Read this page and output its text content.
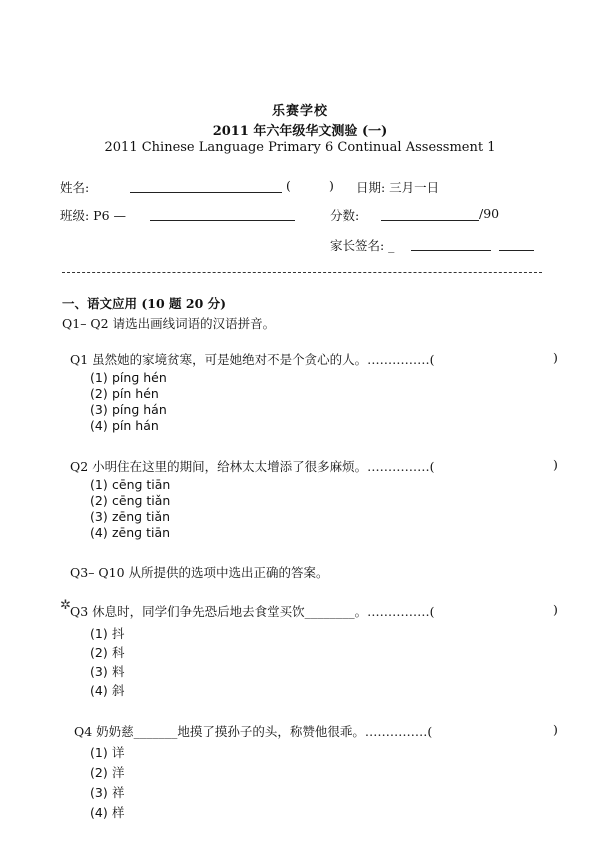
乐赛学校
2011 年六年级华文测验 (一)
2011 Chinese Language Primary 6 Continual Assessment 1
姓名:	(	) 日期: 三月一日
班级: P6 —	分数:	/90
家长签名: _
一、语文应用 (10 题 20 分)
Q1– Q2 请选出画线词语的汉语拼音。
Q1 虽然她的家境贫寒，可是她绝对不是个贪心的人。……………(	)
(1) pínɡ hén
(2) pín hén
(3) pínɡ hán
(4) pín hán
Q2 小明住在这里的期间，给林太太增添了很多麻烦。……………(	)
(1) cēnɡ tiān
(2) cēnɡ tiǎn
(3) zēnɡ tiǎn
(4) zēnɡ tiān
Q3– Q10 从所提供的选项中选出正确的答案。
✲ Q3 休息时，同学们争先恐后地去食堂买饮________。……………(	)
(1) 抖
(2) 科
(3) 料
(4) 斜
Q4 奶奶慈_______地摸了摸孙子的头，称赞他很乖。……………(	)
(1) 详
(2) 洋
(3) 祥
(4) 样
